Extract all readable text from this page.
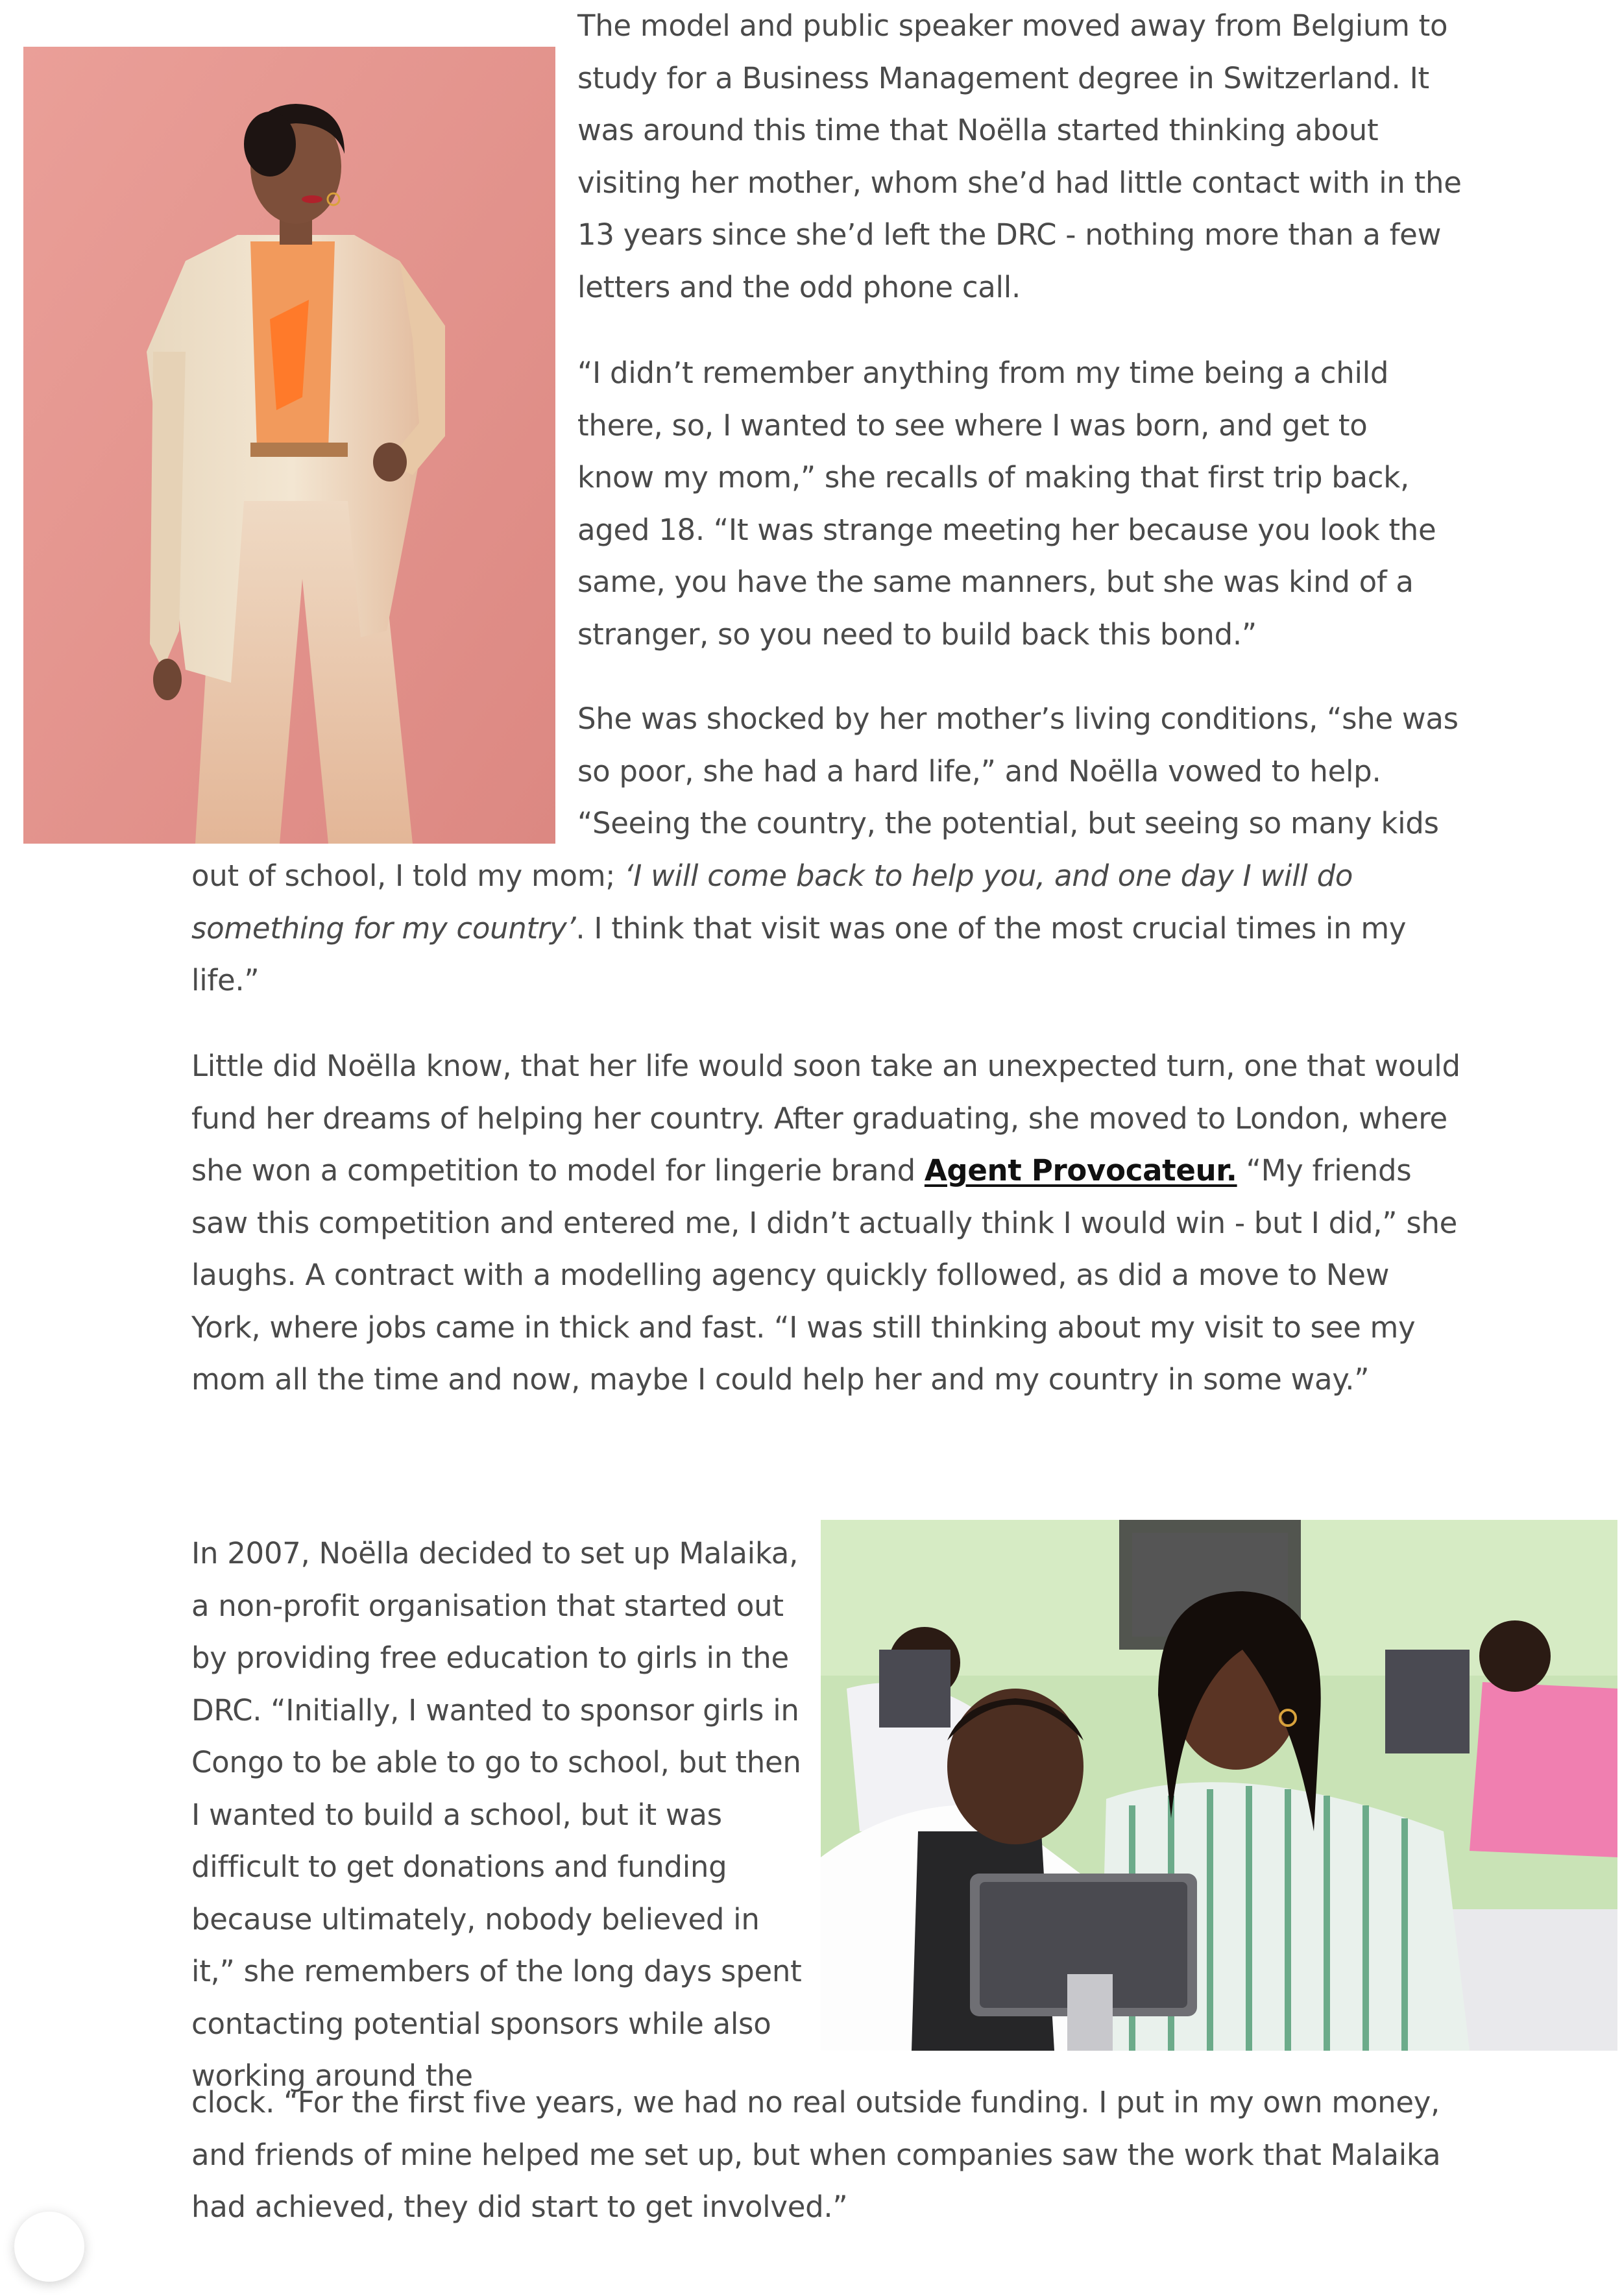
The model and public speaker moved away from Belgium to study for a Business Management degree in Switzerland. It was around this time that Noëlla started thinking about visiting her mother, whom she’d had little contact with in the 13 years since she’d left the DRC - nothing more than a few letters and the odd phone call.

“I didn’t remember anything from my time being a child there, so, I wanted to see where I was born, and get to know my mom,” she recalls of making that first trip back, aged 18. “It was strange meeting her because you look the same, you have the same manners, but she was kind of a stranger, so you need to build back this bond.”

She was shocked by her mother’s living conditions, “she was so poor, she had a hard life,” and Noëlla vowed to help. “Seeing the country, the potential, but seeing so many kids

out of school, I told my mom; ‘I will come back to help you, and one day I will do something for my country’. I think that visit was one of the most crucial times in my life.”

Little did Noëlla know, that her life would soon take an unexpected turn, one that would fund her dreams of helping her country. After graduating, she moved to London, where she won a competition to model for lingerie brand Agent Provocateur. “My friends saw this competition and entered me, I didn’t actually think I would win - but I did,” she laughs. A contract with a modelling agency quickly followed, as did a move to New York, where jobs came in thick and fast. “I was still thinking about my visit to see my mom all the time and now, maybe I could help her and my country in some way.”

In 2007, Noëlla decided to set up Malaika, a non-profit organisation that started out by providing free education to girls in the DRC. “Initially, I wanted to sponsor girls in Congo to be able to go to school, but then I wanted to build a school, but it was difficult to get donations and funding because ultimately, nobody believed in it,” she remembers of the long days spent contacting potential sponsors while also working around the

clock. “For the first five years, we had no real outside funding. I put in my own money, and friends of mine helped me set up, but when companies saw the work that Malaika had achieved, they did start to get involved.”
